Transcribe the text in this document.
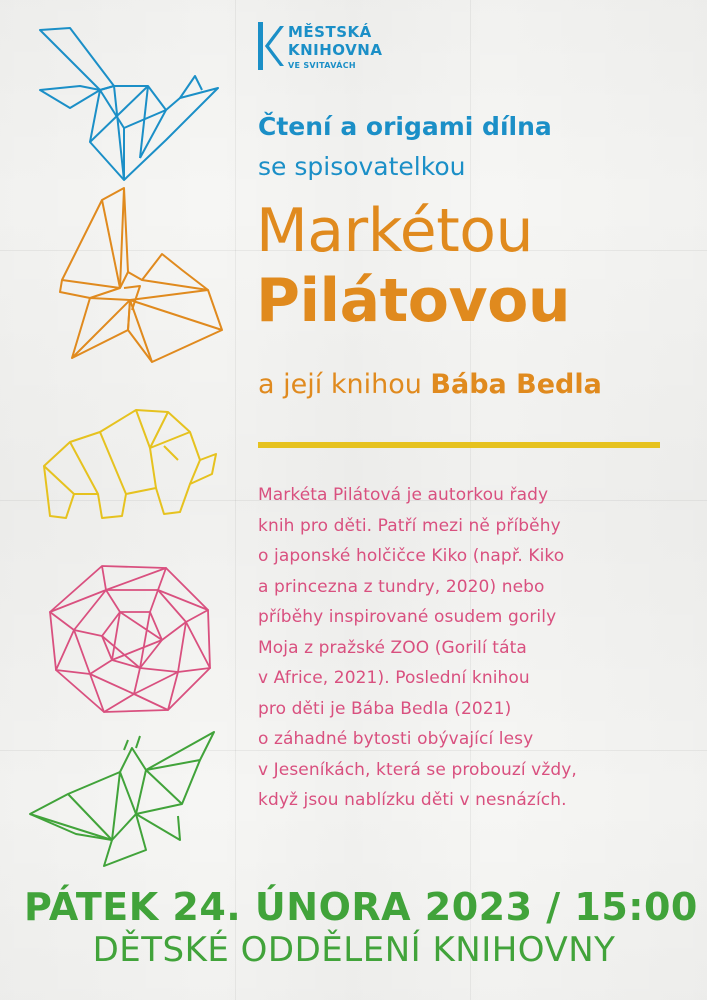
MĚSTSKÁ
KNIHOVNA
VE SVITAVÁCH
Čtení a origami dílna
se spisovatelkou
Markétou
Pilátovou
a její knihou Bába Bedla
Markéta Pilátová je autorkou řady
knih pro děti. Patří mezi ně příběhy
o japonské holčičce Kiko (např. Kiko
a princezna z tundry, 2020) nebo
příběhy inspirované osudem gorily
Moja z pražské ZOO (Gorilí táta
v Africe, 2021). Poslední knihou
pro děti je Bába Bedla (2021)
o záhadné bytosti obývající lesy
v Jeseníkách, která se probouzí vždy,
když jsou nablízku děti v nesnázích.
PÁTEK 24. ÚNORA 2023 / 15:00
DĚTSKÉ ODDĚLENÍ KNIHOVNY
